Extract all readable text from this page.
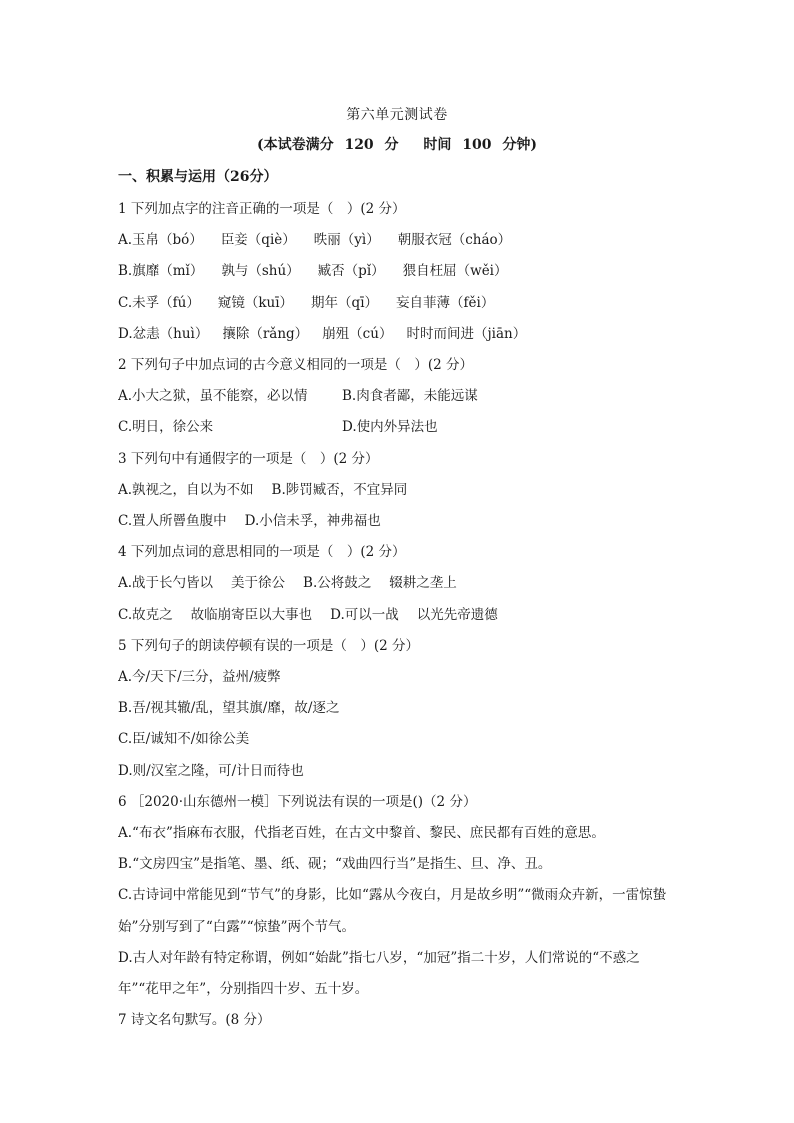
第六单元测试卷
(本试卷满分 120 分　 时间 100 分钟)
一、积累与运用（26分）
1 下列加点字的注音正确的一项是（　）(2 分）
A.玉帛（bó） 臣妾（qiè） 昳丽（yì） 朝服衣冠（cháo）
B.旗靡（mǐ） 孰与（shú） 臧否（pǐ） 猥自枉屈（wěi）
C.未孚（fú） 窥镜（kuī） 期年（qī） 妄自菲薄（fěi）
D.忿恚（huì） 攘除（rǎng） 崩殂（cú） 时时而间进（jiān）
2 下列句子中加点词的古今意义相同的一项是（　）(2 分）
A.小大之狱，虽不能察，必以情	B.肉食者鄙，未能远谋
C.明日，徐公来	D.使内外异法也
3 下列句中有通假字的一项是（　）(2 分）
A.孰视之，自以为不如 B.陟罚臧否，不宜异同
C.置人所罾鱼腹中 D.小信未孚，神弗福也
4 下列加点词的意思相同的一项是（　）(2 分）
A.战于长勺皆以 美于徐公 B.公将鼓之 辍耕之垄上
C.故克之 故临崩寄臣以大事也 D.可以一战 以光先帝遗德
5 下列句子的朗读停顿有误的一项是（　）(2 分）
A.今/天下/三分，益州/疲弊
B.吾/视其辙/乱，望其旗/靡，故/逐之
C.臣/诚知不/如徐公美
D.则/汉室之隆，可/计日而待也
6 ［2020·山东德州一模］下列说法有误的一项是()（2 分）
A.“布衣”指麻布衣服，代指老百姓，在古文中黎首、黎民、庶民都有百姓的意思。
B.“文房四宝”是指笔、墨、纸、砚；“戏曲四行当”是指生、旦、净、丑。
C.古诗词中常能见到“节气”的身影，比如“露从今夜白，月是故乡明”“微雨众卉新，一雷惊蛰始”分别写到了“白露”“惊蛰”两个节气。
D.古人对年龄有特定称谓，例如“始龀”指七八岁，“加冠”指二十岁，人们常说的“不惑之年”“花甲之年”，分别指四十岁、五十岁。
7 诗文名句默写。(8 分）
